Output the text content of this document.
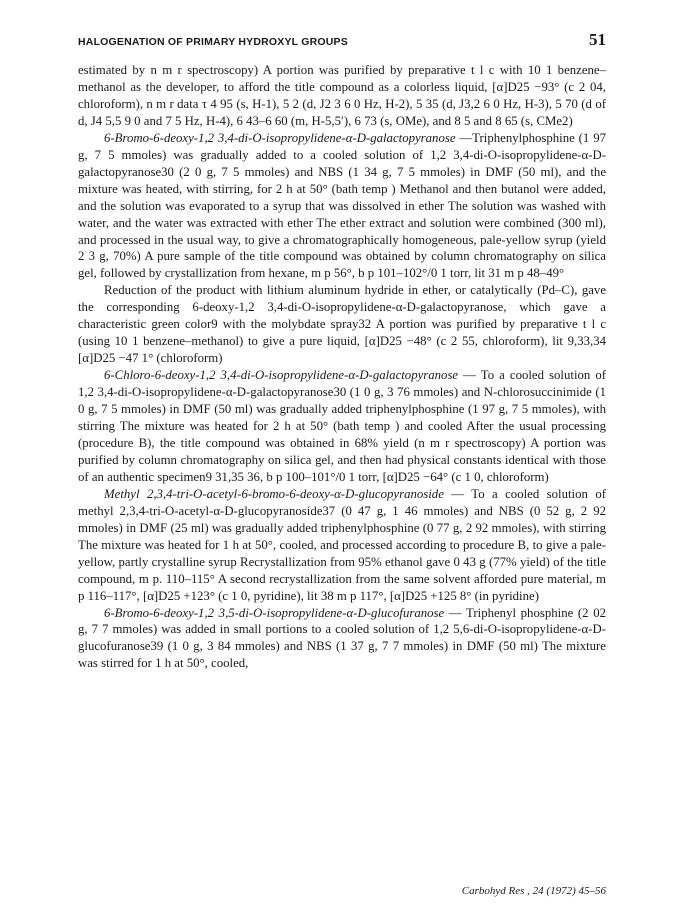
HALOGENATION OF PRIMARY HYDROXYL GROUPS	51

estimated by n m r spectroscopy) A portion was purified by preparative t l c with 10 1 benzene–methanol as the developer, to afford the title compound as a colorless liquid, [α]D25 −93° (c 2 04, chloroform), n m r data τ 4 95 (s, H-1), 5 2 (d, J2 3 6 0 Hz, H-2), 5 35 (d, J3,2 6 0 Hz, H-3), 5 70 (d of d, J4 5,5 9 0 and 7 5 Hz, H-4), 6 43–6 60 (m, H-5,5′), 6 73 (s, OMe), and 8 5 and 8 65 (s, CMe2)

6-Bromo-6-deoxy-1,2 3,4-di-O-isopropylidene-α-D-galactopyranose —Triphenylphosphine (1 97 g, 7 5 mmoles) was gradually added to a cooled solution of 1,2 3,4-di-O-isopropylidene-α-D-galactopyranose30 (2 0 g, 7 5 mmoles) and NBS (1 34 g, 7 5 mmoles) in DMF (50 ml), and the mixture was heated, with stirring, for 2 h at 50° (bath temp ) Methanol and then butanol were added, and the solution was evaporated to a syrup that was dissolved in ether The solution was washed with water, and the water was extracted with ether The ether extract and solution were combined (300 ml), and processed in the usual way, to give a chromatographically homogeneous, pale-yellow syrup (yield 2 3 g, 70%) A pure sample of the title compound was obtained by column chromatography on silica gel, followed by crystallization from hexane, m p 56°, b p 101–102°/0 1 torr, lit 31 m p 48–49°

Reduction of the product with lithium aluminum hydride in ether, or catalytically (Pd–C), gave the corresponding 6-deoxy-1,2 3,4-di-O-isopropylidene-α-D-galactopyranose, which gave a characteristic green color9 with the molybdate spray32 A portion was purified by preparative t l c (using 10 1 benzene–methanol) to give a pure liquid, [α]D25 −48° (c 2 55, chloroform), lit 9,33,34 [α]D25 −47 1° (chloroform)

6-Chloro-6-deoxy-1,2 3,4-di-O-isopropylidene-α-D-galactopyranose — To a cooled solution of 1,2 3,4-di-O-isopropylidene-α-D-galactopyranose30 (1 0 g, 3 76 mmoles) and N-chlorosuccinimide (1 0 g, 7 5 mmoles) in DMF (50 ml) was gradually added triphenylphosphine (1 97 g, 7 5 mmoles), with stirring The mixture was heated for 2 h at 50° (bath temp ) and cooled After the usual processing (procedure B), the title compound was obtained in 68% yield (n m r spectroscopy) A portion was purified by column chromatography on silica gel, and then had physical constants identical with those of an authentic specimen9 31,35 36, b p 100–101°/0 1 torr, [α]D25 −64° (c 1 0, chloroform)

Methyl 2,3,4-tri-O-acetyl-6-bromo-6-deoxy-α-D-glucopyranoside — To a cooled solution of methyl 2,3,4-tri-O-acetyl-α-D-glucopyranoside37 (0 47 g, 1 46 mmoles) and NBS (0 52 g, 2 92 mmoles) in DMF (25 ml) was gradually added triphenylphosphine (0 77 g, 2 92 mmoles), with stirring The mixture was heated for 1 h at 50°, cooled, and processed according to procedure B, to give a pale-yellow, partly crystalline syrup Recrystallization from 95% ethanol gave 0 43 g (77% yield) of the title compound, m p. 110–115° A second recrystallization from the same solvent afforded pure material, m p 116–117°, [α]D25 +123° (c 1 0, pyridine), lit 38 m p 117°, [α]D25 +125 8° (in pyridine)

6-Bromo-6-deoxy-1,2 3,5-di-O-isopropylidene-α-D-glucofuranose — Triphenyl phosphine (2 02 g, 7 7 mmoles) was added in small portions to a cooled solution of 1,2 5,6-di-O-isopropylidene-α-D-glucofuranose39 (1 0 g, 3 84 mmoles) and NBS (1 37 g, 7 7 mmoles) in DMF (50 ml) The mixture was stirred for 1 h at 50°, cooled,

Carbohyd Res , 24 (1972) 45–56
